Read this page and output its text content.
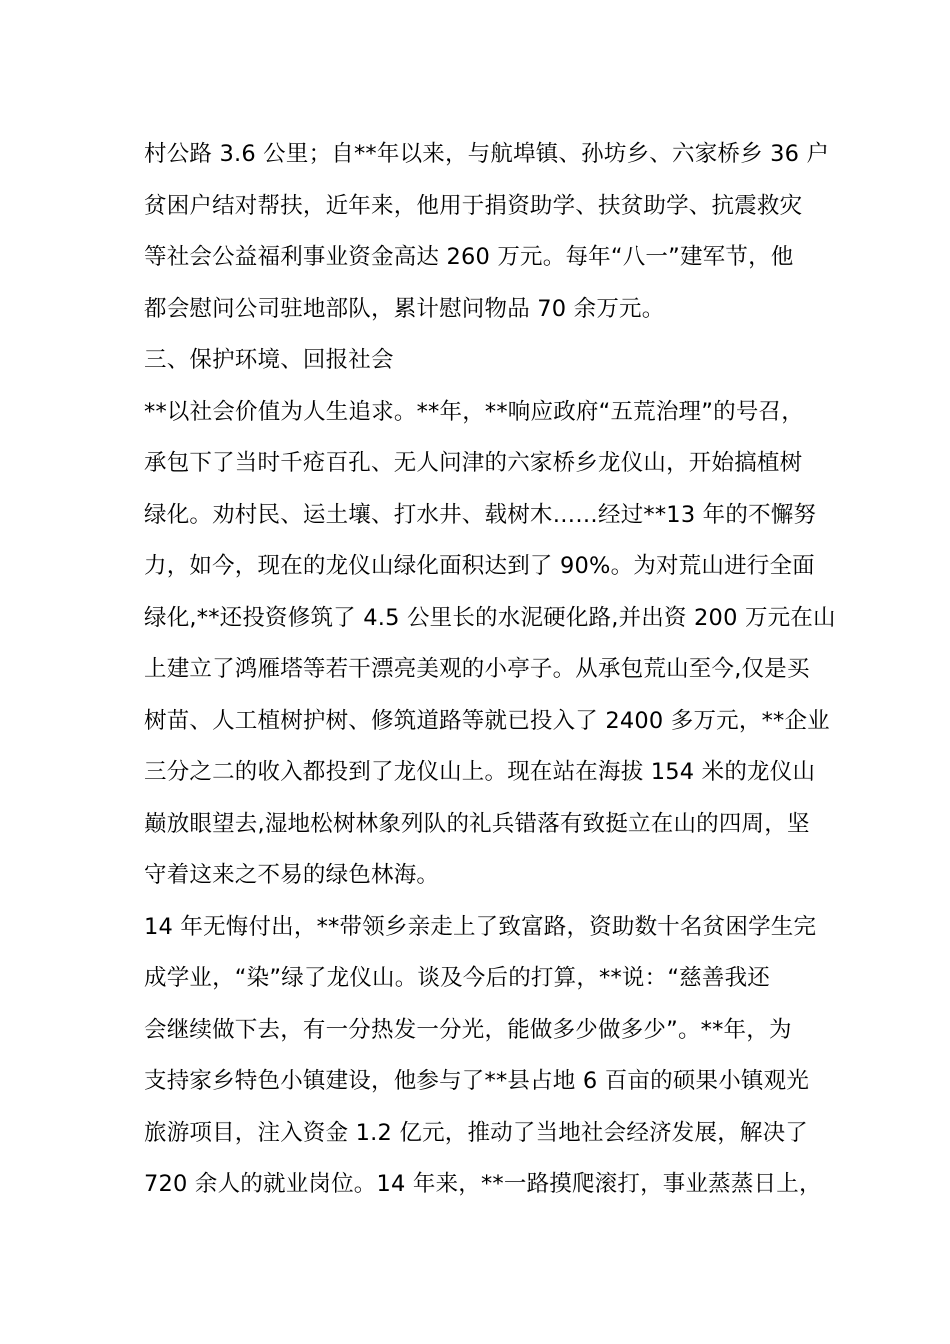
村公路 3.6 公里；自**年以来，与航埠镇、孙坊乡、六家桥乡 36 户
贫困户结对帮扶，近年来，他用于捐资助学、扶贫助学、抗震救灾
等社会公益福利事业资金高达 260 万元。每年“八一”建军节，他
都会慰问公司驻地部队，累计慰问物品 70 余万元。

三、保护环境、回报社会

**以社会价值为人生追求。**年，**响应政府“五荒治理”的号召，
承包下了当时千疮百孔、无人问津的六家桥乡龙仪山，开始搞植树
绿化。劝村民、运土壤、打水井、载树木……经过**13 年的不懈努
力，如今，现在的龙仪山绿化面积达到了 90%。为对荒山进行全面
绿化,**还投资修筑了 4.5 公里长的水泥硬化路,并出资 200 万元在山
上建立了鸿雁塔等若干漂亮美观的小亭子。从承包荒山至今,仅是买
树苗、人工植树护树、修筑道路等就已投入了 2400 多万元，**企业
三分之二的收入都投到了龙仪山上。现在站在海拔 154 米的龙仪山
巅放眼望去,湿地松树林象列队的礼兵错落有致挺立在山的四周，坚
守着这来之不易的绿色林海。

14 年无悔付出，**带领乡亲走上了致富路，资助数十名贫困学生完
成学业，“染”绿了龙仪山。谈及今后的打算，**说：“慈善我还
会继续做下去，有一分热发一分光，能做多少做多少”。**年，为
支持家乡特色小镇建设，他参与了**县占地 6 百亩的硕果小镇观光
旅游项目，注入资金 1.2 亿元，推动了当地社会经济发展，解决了
720 余人的就业岗位。14 年来，**一路摸爬滚打，事业蒸蒸日上，
